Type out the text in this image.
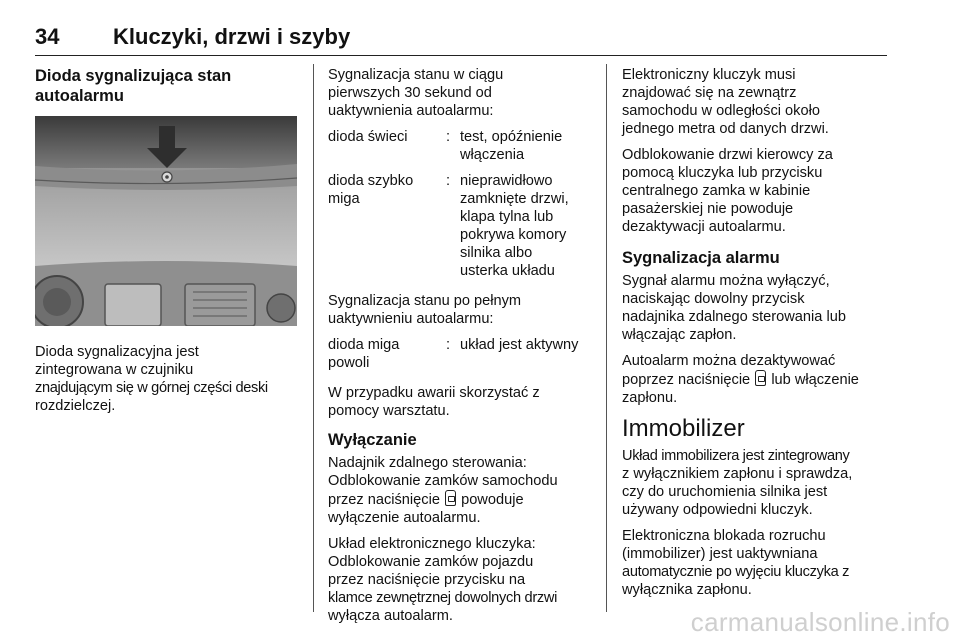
34 Kluczyki, drzwi i szyby
Dioda sygnalizująca stan
autoalarmu
Dioda sygnalizacyjna jest
zintegrowana w czujniku
znajdującym się w górnej części deski
rozdzielczej.

Sygnalizacja stanu w ciągu
pierwszych 30 sekund od
uaktywnienia autoalarmu:

dioda świeci	: test, opóźnienie
włączenia
dioda szybko
miga
: nieprawidłowo
zamknięte drzwi,
klapa tylna lub
pokrywa komory
silnika albo
usterka układu

Sygnalizacja stanu po pełnym
uaktywnieniu autoalarmu:

dioda miga
powoli
: układ jest aktywny

W przypadku awarii skorzystać z
pomocy warsztatu.

Wyłączanie

Nadajnik zdalnego sterowania:
Odblokowanie zamków samochodu
przez naciśnięcie powoduje
wyłączenie autoalarmu.

Układ elektronicznego kluczyka:
Odblokowanie zamków pojazdu
przez naciśnięcie przycisku na
klamce zewnętrznej dowolnych drzwi
wyłącza autoalarm.

Elektroniczny kluczyk musi
znajdować się na zewnątrz
samochodu w odległości około
jednego metra od danych drzwi.

Odblokowanie drzwi kierowcy za
pomocą kluczyka lub przycisku
centralnego zamka w kabinie
pasażerskiej nie powoduje
dezaktywacji autoalarmu.

Sygnalizacja alarmu

Sygnał alarmu można wyłączyć,
naciskając dowolny przycisk
nadajnika zdalnego sterowania lub
włączając zapłon.

Autoalarm można dezaktywować
poprzez naciśnięcie lub włączenie
zapłonu.

Immobilizer

Układ immobilizera jest zintegrowany
z wyłącznikiem zapłonu i sprawdza,
czy do uruchomienia silnika jest
używany odpowiedni kluczyk.

Elektroniczna blokada rozruchu
(immobilizer) jest uaktywniana
automatycznie po wyjęciu kluczyka z
wyłącznika zapłonu.

carmanualsonline.info
